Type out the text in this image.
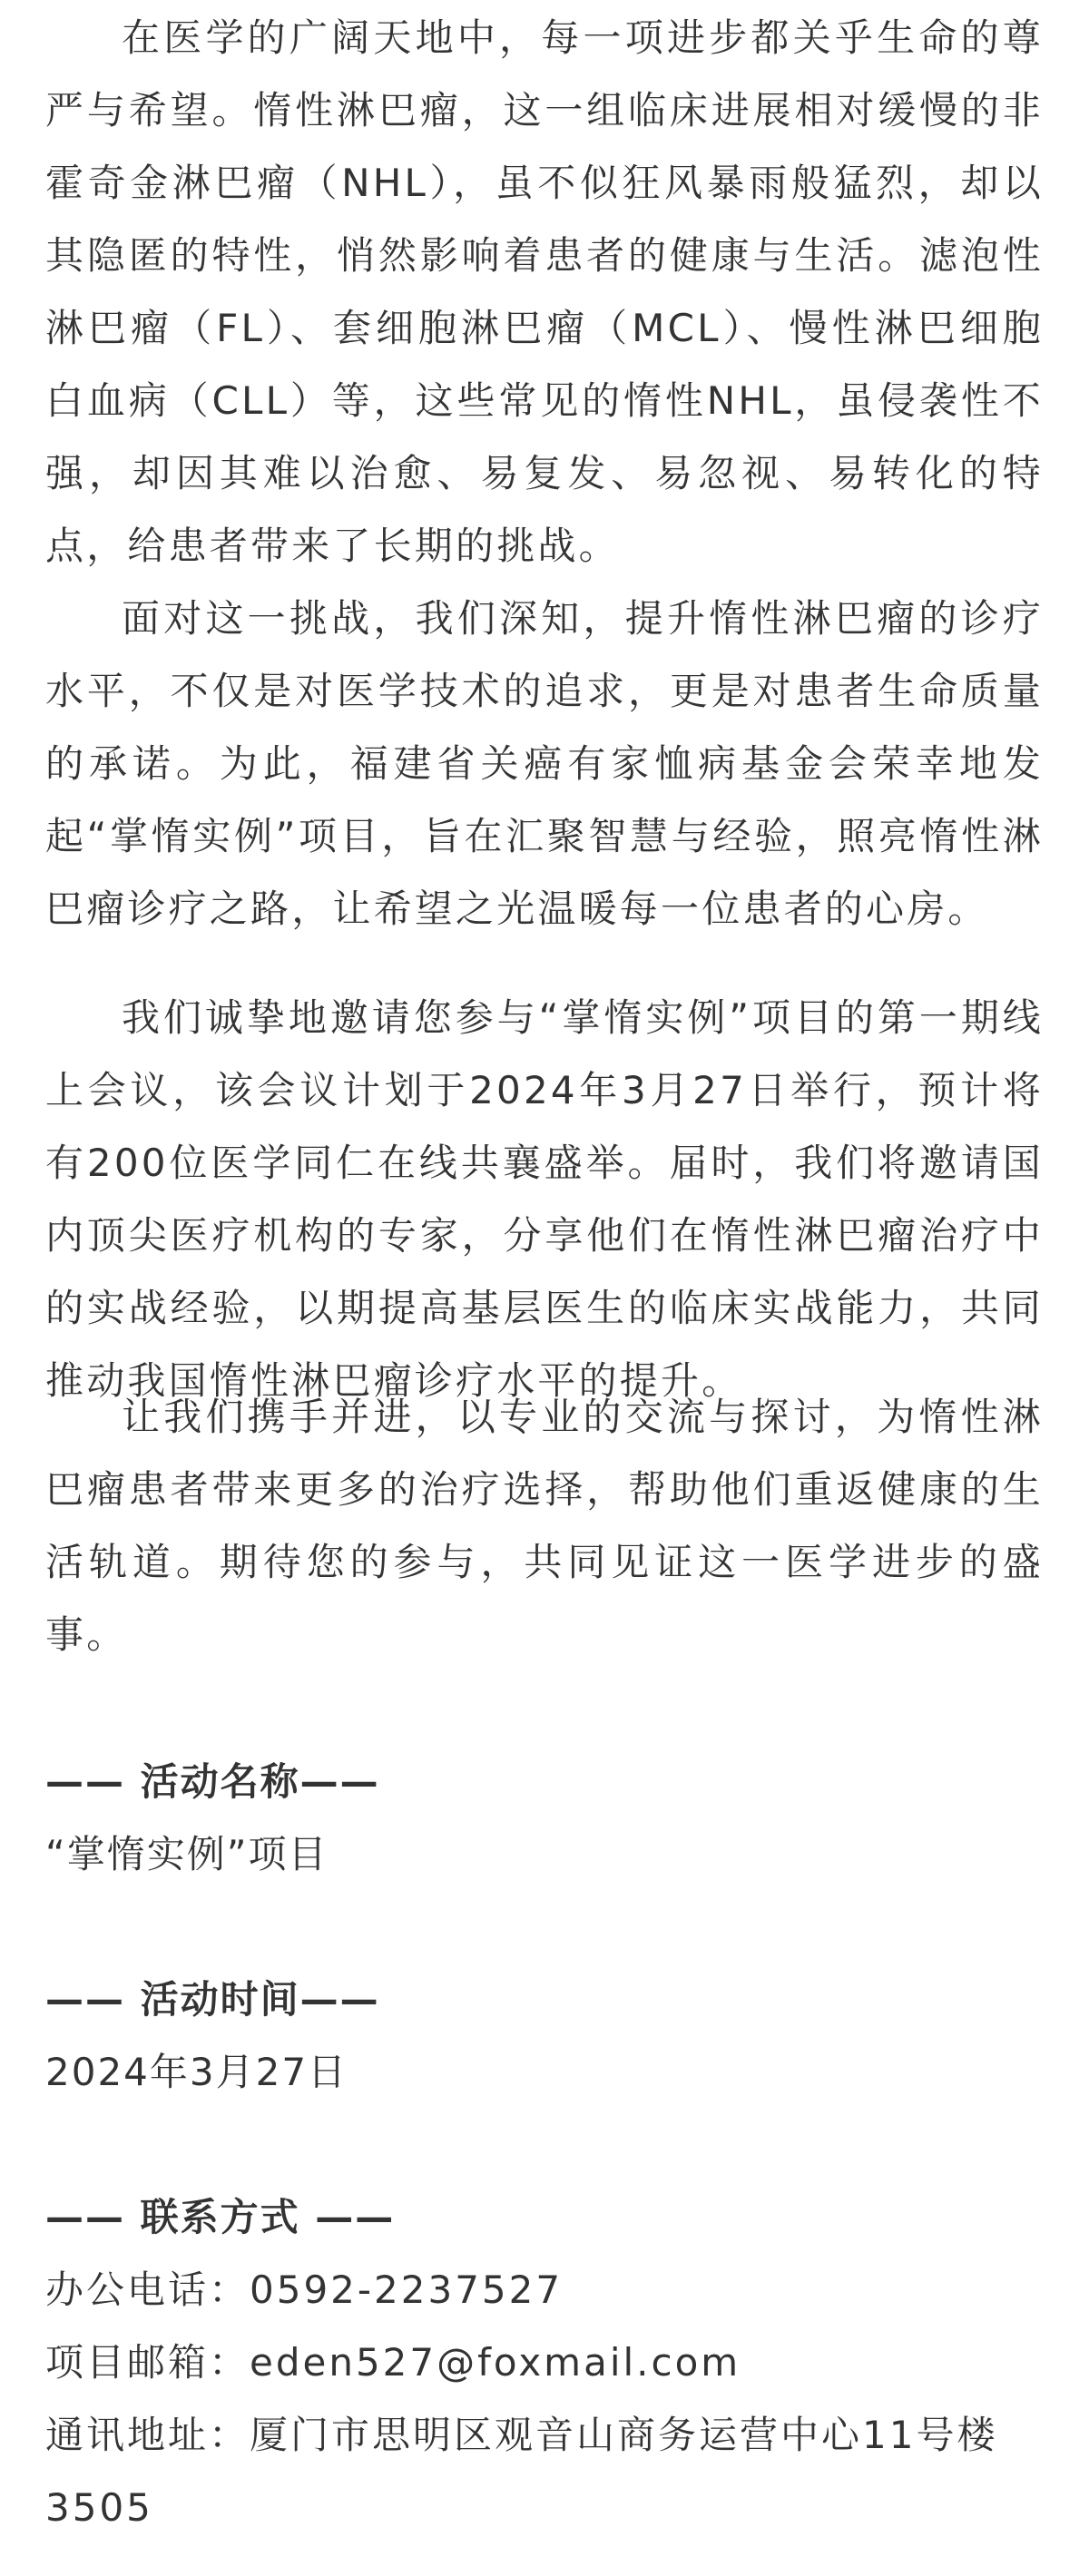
在医学的广阔天地中，每一项进步都关乎生命的尊严与希望。惰性淋巴瘤，这一组临床进展相对缓慢的非霍奇金淋巴瘤（NHL），虽不似狂风暴雨般猛烈，却以其隐匿的特性，悄然影响着患者的健康与生活。滤泡性淋巴瘤（FL）、套细胞淋巴瘤（MCL）、慢性淋巴细胞白血病（CLL）等，这些常见的惰性NHL，虽侵袭性不强，却因其难以治愈、易复发、易忽视、易转化的特点，给患者带来了长期的挑战。

面对这一挑战，我们深知，提升惰性淋巴瘤的诊疗水平，不仅是对医学技术的追求，更是对患者生命质量的承诺。为此，福建省关癌有家恤病基金会荣幸地发起“掌惰实例”项目，旨在汇聚智慧与经验，照亮惰性淋巴瘤诊疗之路，让希望之光温暖每一位患者的心房。

我们诚挚地邀请您参与“掌惰实例”项目的第一期线上会议，该会议计划于2024年3月27日举行，预计将有200位医学同仁在线共襄盛举。届时，我们将邀请国内顶尖医疗机构的专家，分享他们在惰性淋巴瘤治疗中的实战经验，以期提高基层医生的临床实战能力，共同推动我国惰性淋巴瘤诊疗水平的提升。

让我们携手并进，以专业的交流与探讨，为惰性淋巴瘤患者带来更多的治疗选择，帮助他们重返健康的生活轨道。期待您的参与，共同见证这一医学进步的盛事。

—— 活动名称——
“掌惰实例”项目
—— 活动时间——
2024年3月27日
—— 联系方式 ——
办公电话：0592-2237527
项目邮箱：eden527@foxmail.com
通讯地址：厦门市思明区观音山商务运营中心11号楼3505
